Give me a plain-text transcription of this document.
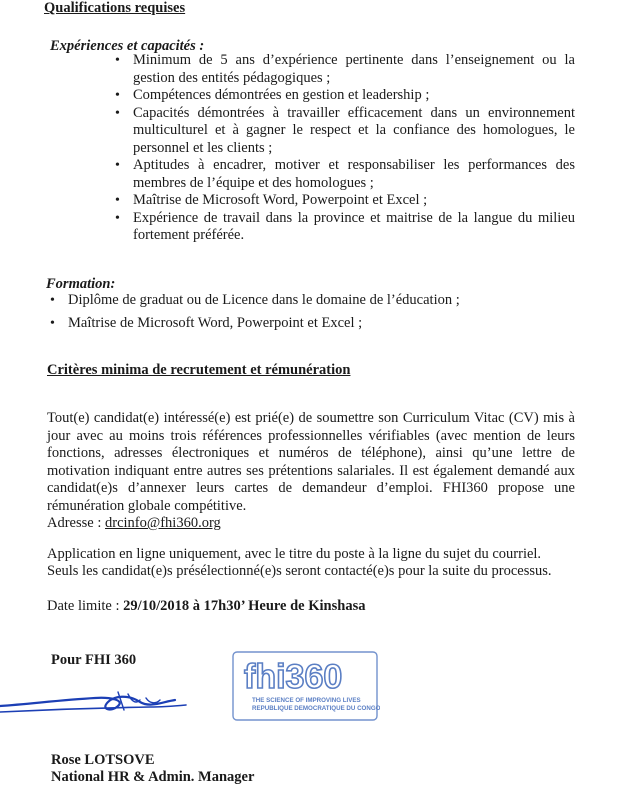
Qualifications requises
Expériences et capacités :
• Minimum de 5 ans d’expérience pertinente dans l’enseignement ou la gestion des entités pédagogiques ;
• Compétences démontrées en gestion et leadership ;
• Capacités démontrées à travailler efficacement dans un environnement multiculturel et à gagner le respect et la confiance des homologues, le personnel et les clients ;
• Aptitudes à encadrer, motiver et responsabiliser les performances des membres de l’équipe et des homologues ;
• Maîtrise de Microsoft Word, Powerpoint et Excel ;
• Expérience de travail dans la province et maitrise de la langue du milieu fortement préférée.
Formation:
• Diplôme de graduat ou de Licence dans le domaine de l’éducation ;
• Maîtrise de Microsoft Word, Powerpoint et Excel ;
Critères minima de recrutement et rémunération
Tout(e) candidat(e) intéressé(e) est prié(e) de soumettre son Curriculum Vitac (CV) mis à jour avec au moins trois références professionnelles vérifiables (avec mention de leurs fonctions, adresses électroniques et numéros de téléphone), ainsi qu’une lettre de motivation indiquant entre autres ses prétentions salariales. Il est également demandé aux candidat(e)s d’annexer leurs cartes de demandeur d’emploi. FHI360 propose une rémunération globale compétitive.
Adresse : drcinfo@fhi360.org
Application en ligne uniquement, avec le titre du poste à la ligne du sujet du courriel.
Seuls les candidat(e)s présélectionné(e)s seront contacté(e)s pour la suite du processus.
Date limite : 29/10/2018 à 17h30’ Heure de Kinshasa
Pour FHI 360	fhi360
THE SCIENCE OF IMPROVING LIVES
REPUBLIQUE DEMOCRATIQUE DU CONGO
Rose LOTSOVE
National HR & Admin. Manager
